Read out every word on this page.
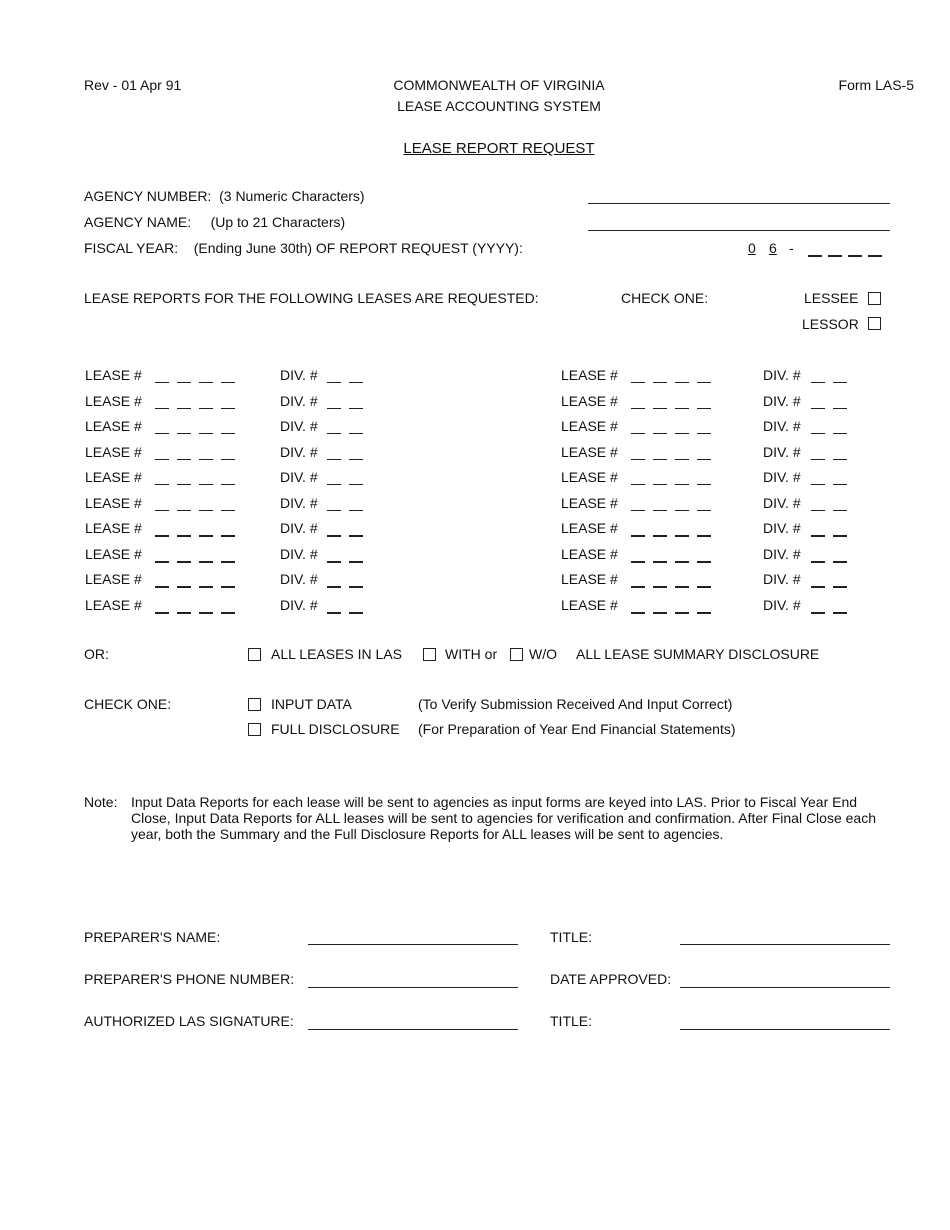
Rev - 01 Apr 91	COMMONWEALTH OF VIRGINIA
LEASE ACCOUNTING SYSTEM
Form LAS-5
LEASE REPORT REQUEST
AGENCY NUMBER: (3 Numeric Characters)
AGENCY NAME: (Up to 21 Characters)
FISCAL YEAR: (Ending June 30th) OF REPORT REQUEST (YYYY):	0 6 -
LEASE REPORTS FOR THE FOLLOWING LEASES ARE REQUESTED:	CHECK ONE:	LESSEE
LESSOR
LEASE #	DIV. #	LEASE #	DIV. #
LEASE #	DIV. #	LEASE #	DIV. #
LEASE #	DIV. #	LEASE #	DIV. #
LEASE #	DIV. #	LEASE #	DIV. #
LEASE #	DIV. #	LEASE #	DIV. #
LEASE #	DIV. #	LEASE #	DIV. #
LEASE #	DIV. #	LEASE #	DIV. #
LEASE #	DIV. #	LEASE #	DIV. #
LEASE #	DIV. #	LEASE #	DIV. #
LEASE #	DIV. #	LEASE #	DIV. #
OR:	ALL LEASES IN LAS	WITH or W/O ALL LEASE SUMMARY DISCLOSURE
CHECK ONE:	INPUT DATA	(To Verify Submission Received And Input Correct)
FULL DISCLOSURE (For Preparation of Year End Financial Statements)
Note: Input Data Reports for each lease will be sent to agencies as input forms are keyed into LAS. Prior to Fiscal Year End Close, Input Data Reports for ALL leases will be sent to agencies for verification and confirmation. After Final Close each year, both the Summary and the Full Disclosure Reports for ALL leases will be sent to agencies.
PREPARER'S NAME:	TITLE:
PREPARER'S PHONE NUMBER:	DATE APPROVED:
AUTHORIZED LAS SIGNATURE:	TITLE:
